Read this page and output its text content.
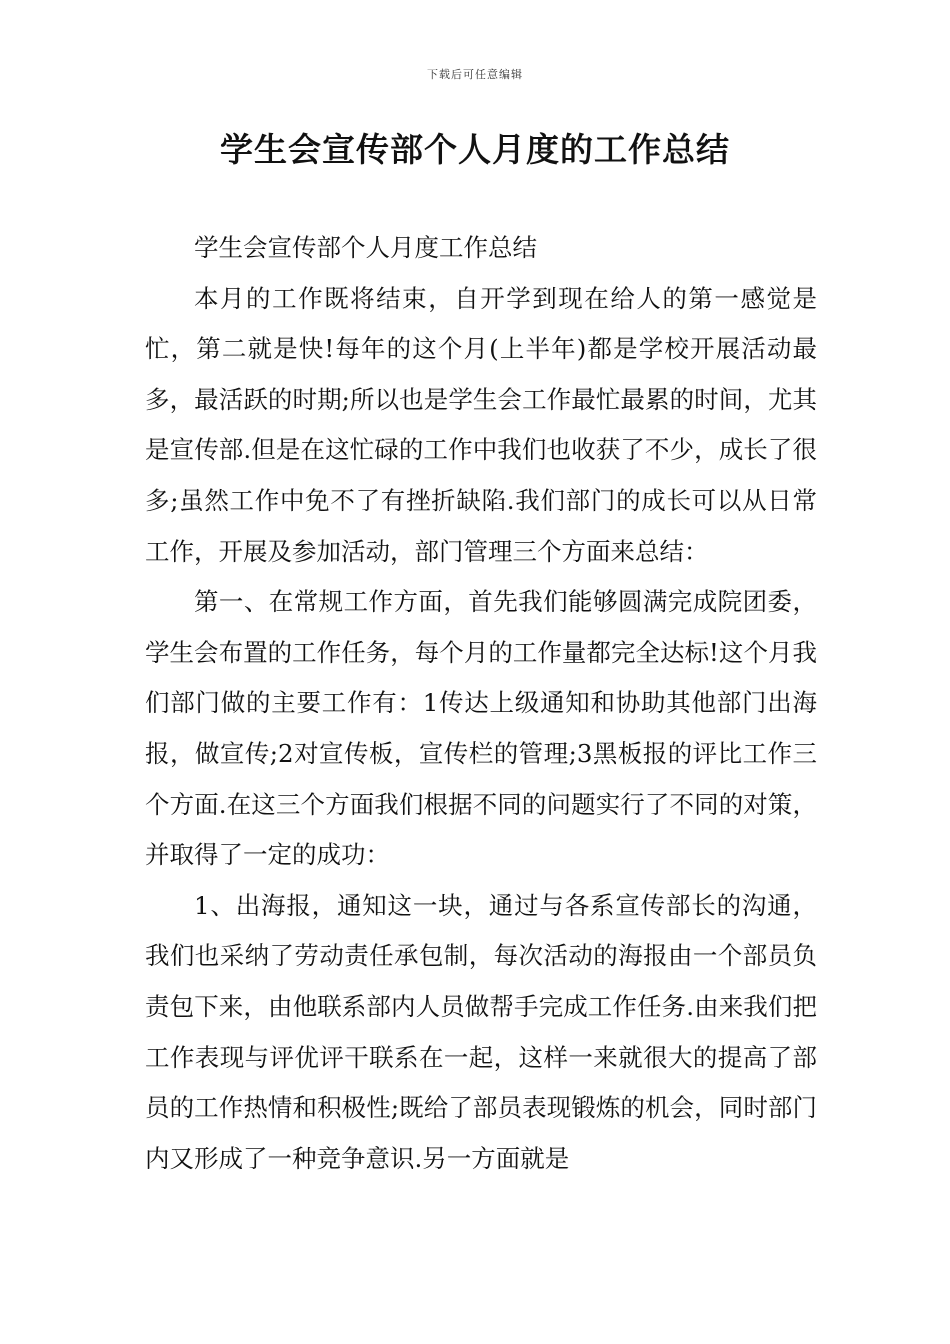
下载后可任意编辑
学生会宣传部个人月度的工作总结

学生会宣传部个人月度工作总结

本月的工作既将结束，自开学到现在给人的第一感觉是忙，第二就是快!每年的这个月(上半年)都是学校开展活动最多，最活跃的时期;所以也是学生会工作最忙最累的时间，尤其是宣传部.但是在这忙碌的工作中我们也收获了不少，成长了很多;虽然工作中免不了有挫折缺陷.我们部门的成长可以从日常工作，开展及参加活动，部门管理三个方面来总结：

第一、在常规工作方面，首先我们能够圆满完成院团委，学生会布置的工作任务，每个月的工作量都完全达标!这个月我们部门做的主要工作有：1传达上级通知和协助其他部门出海报，做宣传;2对宣传板，宣传栏的管理;3黑板报的评比工作三个方面.在这三个方面我们根据不同的问题实行了不同的对策，并取得了一定的成功：

1、出海报，通知这一块，通过与各系宣传部长的沟通，我们也采纳了劳动责任承包制，每次活动的海报由一个部员负责包下来，由他联系部内人员做帮手完成工作任务.由来我们把工作表现与评优评干联系在一起，这样一来就很大的提高了部员的工作热情和积极性;既给了部员表现锻炼的机会，同时部门内又形成了一种竞争意识.另一方面就是
